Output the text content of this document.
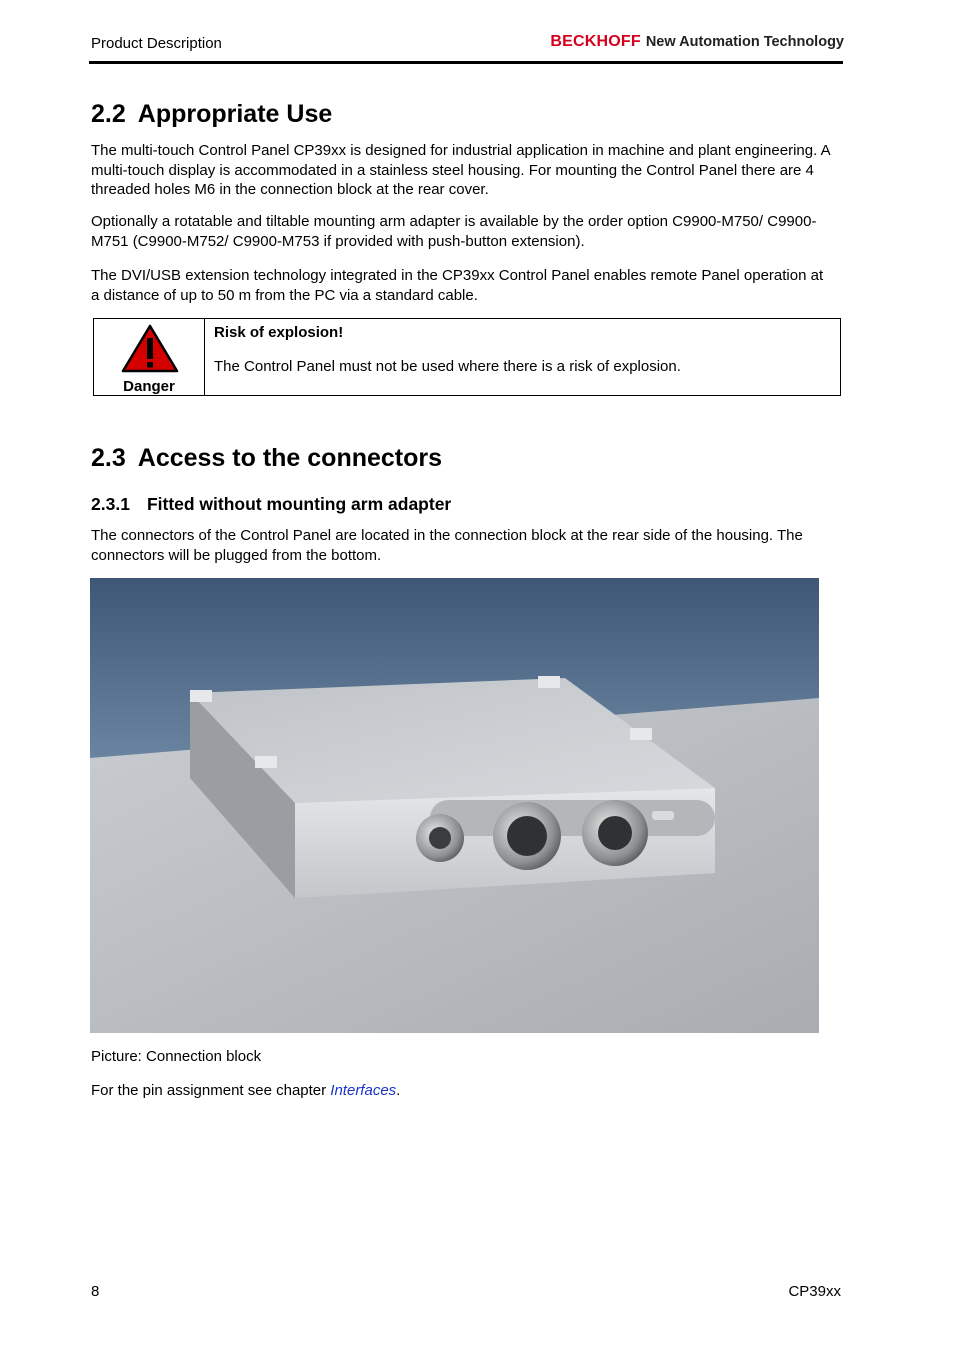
Product Description	BECKHOFF New Automation Technology
2.2 Appropriate Use

The multi-touch Control Panel CP39xx is designed for industrial application in machine and plant engineering. A multi-touch display is accommodated in a stainless steel housing. For mounting the Control Panel there are 4 threaded holes M6 in the connection block at the rear cover.

Optionally a rotatable and tiltable mounting arm adapter is available by the order option C9900-M750/ C9900-M751 (C9900-M752/ C9900-M753 if provided with push-button extension).

The DVI/USB extension technology integrated in the CP39xx Control Panel enables remote Panel operation at a distance of up to 50 m from the PC via a standard cable.

Danger
Risk of explosion!
The Control Panel must not be used where there is a risk of explosion.
2.3 Access to the connectors
2.3.1 Fitted without mounting arm adapter

The connectors of the Control Panel are located in the connection block at the rear side of the housing. The connectors will be plugged from the bottom.

Picture: Connection block
For the pin assignment see chapter Interfaces.
8	CP39xx
